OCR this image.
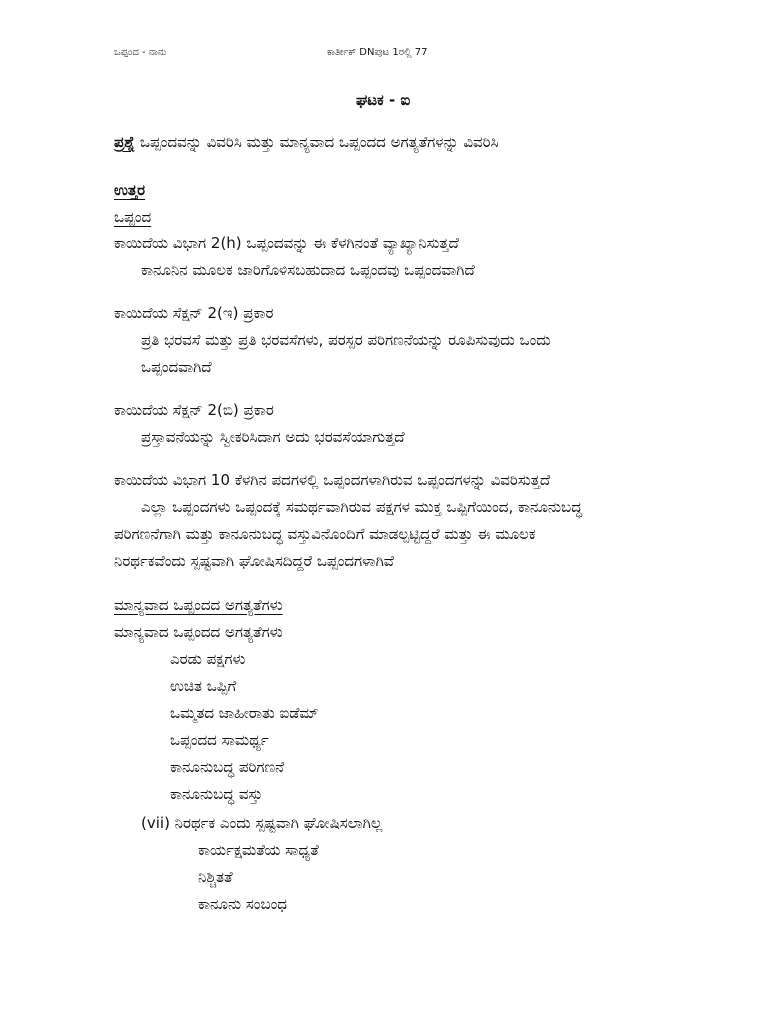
ಒಪ್ಪಂದ - ನಾನು	ಕಾರ್ತೀಕ್ DNಪುಟ 1ರಲ್ಲಿ 77
ಘಟಕ - ಐ
ಪ್ರಶ್ನೆ ಒಪ್ಪಂದವನ್ನು ವಿವರಿಸಿ ಮತ್ತು ಮಾನ್ಯವಾದ ಒಪ್ಪಂದದ ಅಗತ್ಯತೆಗಳನ್ನು ವಿವರಿಸಿ
ಉತ್ತರ
ಒಪ್ಪಂದ
ಕಾಯಿದೆಯ ವಿಭಾಗ 2(h) ಒಪ್ಪಂದವನ್ನು ಈ ಕೆಳಗಿನಂತೆ ವ್ಯಾಖ್ಯಾನಿಸುತ್ತದೆ
ಕಾನೂನಿನ ಮೂಲಕ ಜಾರಿಗೊಳಿಸಬಹುದಾದ ಒಪ್ಪಂದವು ಒಪ್ಪಂದವಾಗಿದೆ
ಕಾಯಿದೆಯ ಸೆಕ್ಷನ್ 2(ಇ) ಪ್ರಕಾರ
ಪ್ರತಿ ಭರವಸೆ ಮತ್ತು ಪ್ರತಿ ಭರವಸೆಗಳು, ಪರಸ್ಪರ ಪರಿಗಣನೆಯನ್ನು ರೂಪಿಸುವುದು ಒಂದು
ಒಪ್ಪಂದವಾಗಿದೆ
ಕಾಯಿದೆಯ ಸೆಕ್ಷನ್ 2(ಬಿ) ಪ್ರಕಾರ
ಪ್ರಸ್ತಾವನೆಯನ್ನು ಸ್ವೀಕರಿಸಿದಾಗ ಅದು ಭರವಸೆಯಾಗುತ್ತದೆ
ಕಾಯಿದೆಯ ವಿಭಾಗ 10 ಕೆಳಗಿನ ಪದಗಳಲ್ಲಿ ಒಪ್ಪಂದಗಳಾಗಿರುವ ಒಪ್ಪಂದಗಳನ್ನು ವಿವರಿಸುತ್ತದೆ
ಎಲ್ಲಾ ಒಪ್ಪಂದಗಳು ಒಪ್ಪಂದಕ್ಕೆ ಸಮರ್ಥವಾಗಿರುವ ಪಕ್ಷಗಳ ಮುಕ್ತ ಒಪ್ಪಿಗೆಯಿಂದ, ಕಾನೂನುಬದ್ಧ
ಪರಿಗಣನೆಗಾಗಿ ಮತ್ತು ಕಾನೂನುಬದ್ಧ ವಸ್ತುವಿನೊಂದಿಗೆ ಮಾಡಲ್ಪಟ್ಟಿದ್ದರೆ ಮತ್ತು ಈ ಮೂಲಕ
ನಿರರ್ಥಕವೆಂದು ಸ್ಪಷ್ಟವಾಗಿ ಘೋಷಿಸದಿದ್ದರೆ ಒಪ್ಪಂದಗಳಾಗಿವೆ
ಮಾನ್ಯವಾದ ಒಪ್ಪಂದದ ಅಗತ್ಯತೆಗಳು
ಮಾನ್ಯವಾದ ಒಪ್ಪಂದದ ಅಗತ್ಯತೆಗಳು
ಎರಡು ಪಕ್ಷಗಳು
ಉಚಿತ ಒಪ್ಪಿಗೆ
ಒಮ್ಮತದ ಜಾಹೀರಾತು ಐಡೆಮ್
ಒಪ್ಪಂದದ ಸಾಮರ್ಥ್ಯ
ಕಾನೂನುಬದ್ಧ ಪರಿಗಣನೆ
ಕಾನೂನುಬದ್ಧ ವಸ್ತು
(vii) ನಿರರ್ಥಕ ಎಂದು ಸ್ಪಷ್ಟವಾಗಿ ಘೋಷಿಸಲಾಗಿಲ್ಲ
ಕಾರ್ಯಕ್ಷಮತೆಯ ಸಾಧ್ಯತೆ
ನಿಶ್ಚಿತತೆ
ಕಾನೂನು ಸಂಬಂಧ
